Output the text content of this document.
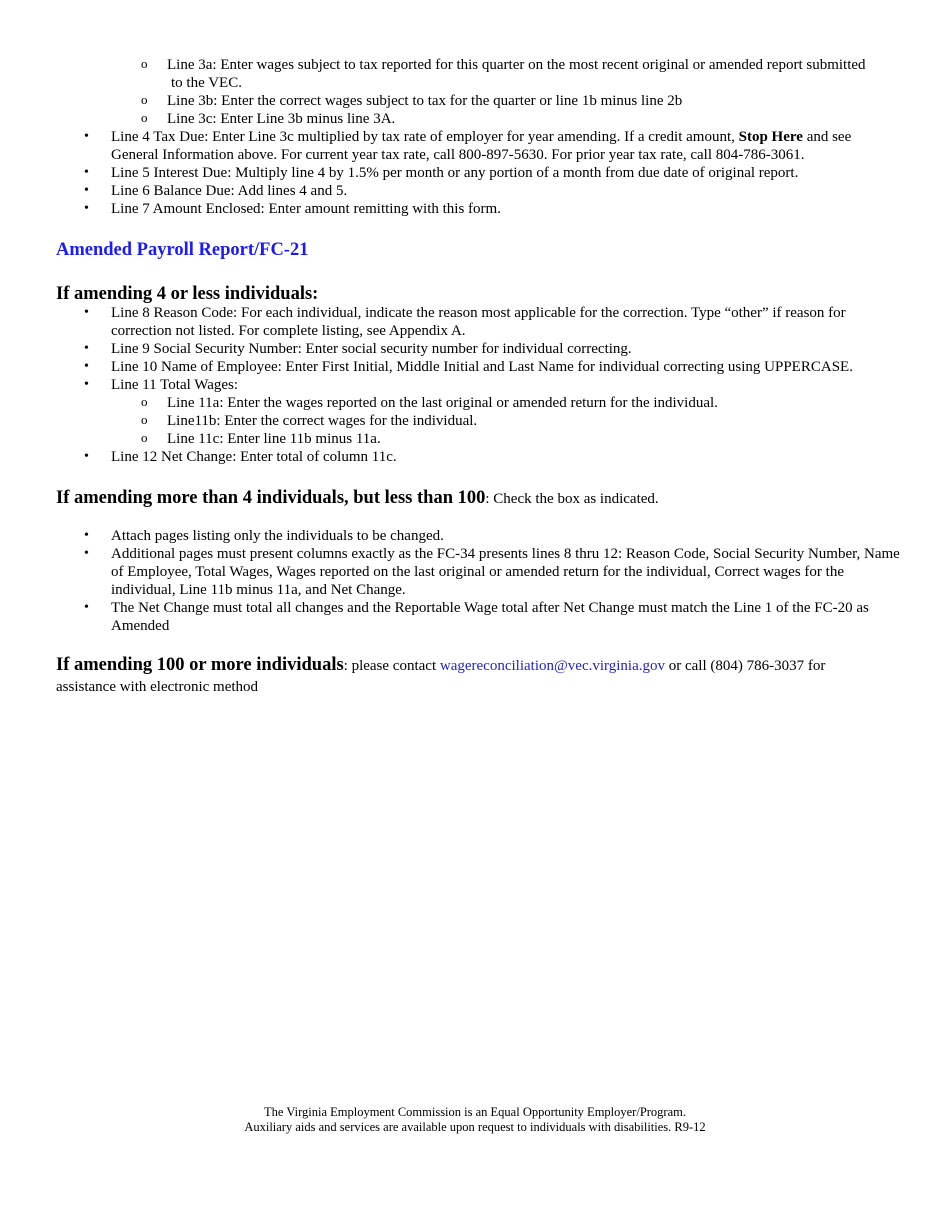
o Line 3a: Enter wages subject to tax reported for this quarter on the most recent original or amended report submitted
to the VEC.
o Line 3b: Enter the correct wages subject to tax for the quarter or line 1b minus line 2b
o Line 3c: Enter Line 3b minus line 3A.
• Line 4 Tax Due: Enter Line 3c multiplied by tax rate of employer for year amending. If a credit amount, Stop Here and see General Information above. For current year tax rate, call 800-897-5630. For prior year tax rate, call 804-786-3061.
• Line 5 Interest Due: Multiply line 4 by 1.5% per month or any portion of a month from due date of original report.
• Line 6 Balance Due: Add lines 4 and 5.
• Line 7 Amount Enclosed: Enter amount remitting with this form.
Amended Payroll Report/FC-21
If amending 4 or less individuals:
• Line 8 Reason Code: For each individual, indicate the reason most applicable for the correction. Type “other” if reason for correction not listed. For complete listing, see Appendix A.
• Line 9 Social Security Number: Enter social security number for individual correcting.
• Line 10 Name of Employee: Enter First Initial, Middle Initial and Last Name for individual correcting using UPPERCASE.
• Line 11 Total Wages:
o Line 11a: Enter the wages reported on the last original or amended return for the individual.
o Line11b: Enter the correct wages for the individual.
o Line 11c: Enter line 11b minus 11a.
• Line 12 Net Change: Enter total of column 11c.
If amending more than 4 individuals, but less than 100: Check the box as indicated.
• Attach pages listing only the individuals to be changed.
• Additional pages must present columns exactly as the FC-34 presents lines 8 thru 12: Reason Code, Social Security Number, Name of Employee, Total Wages, Wages reported on the last original or amended return for the individual, Correct wages for the individual, Line 11b minus 11a, and Net Change.
• The Net Change must total all changes and the Reportable Wage total after Net Change must match the Line 1 of the FC-20 as Amended
If amending 100 or more individuals: please contact wagereconciliation@vec.virginia.gov or call (804) 786-3037 for assistance with electronic method
The Virginia Employment Commission is an Equal Opportunity Employer/Program.
Auxiliary aids and services are available upon request to individuals with disabilities. R9-12
